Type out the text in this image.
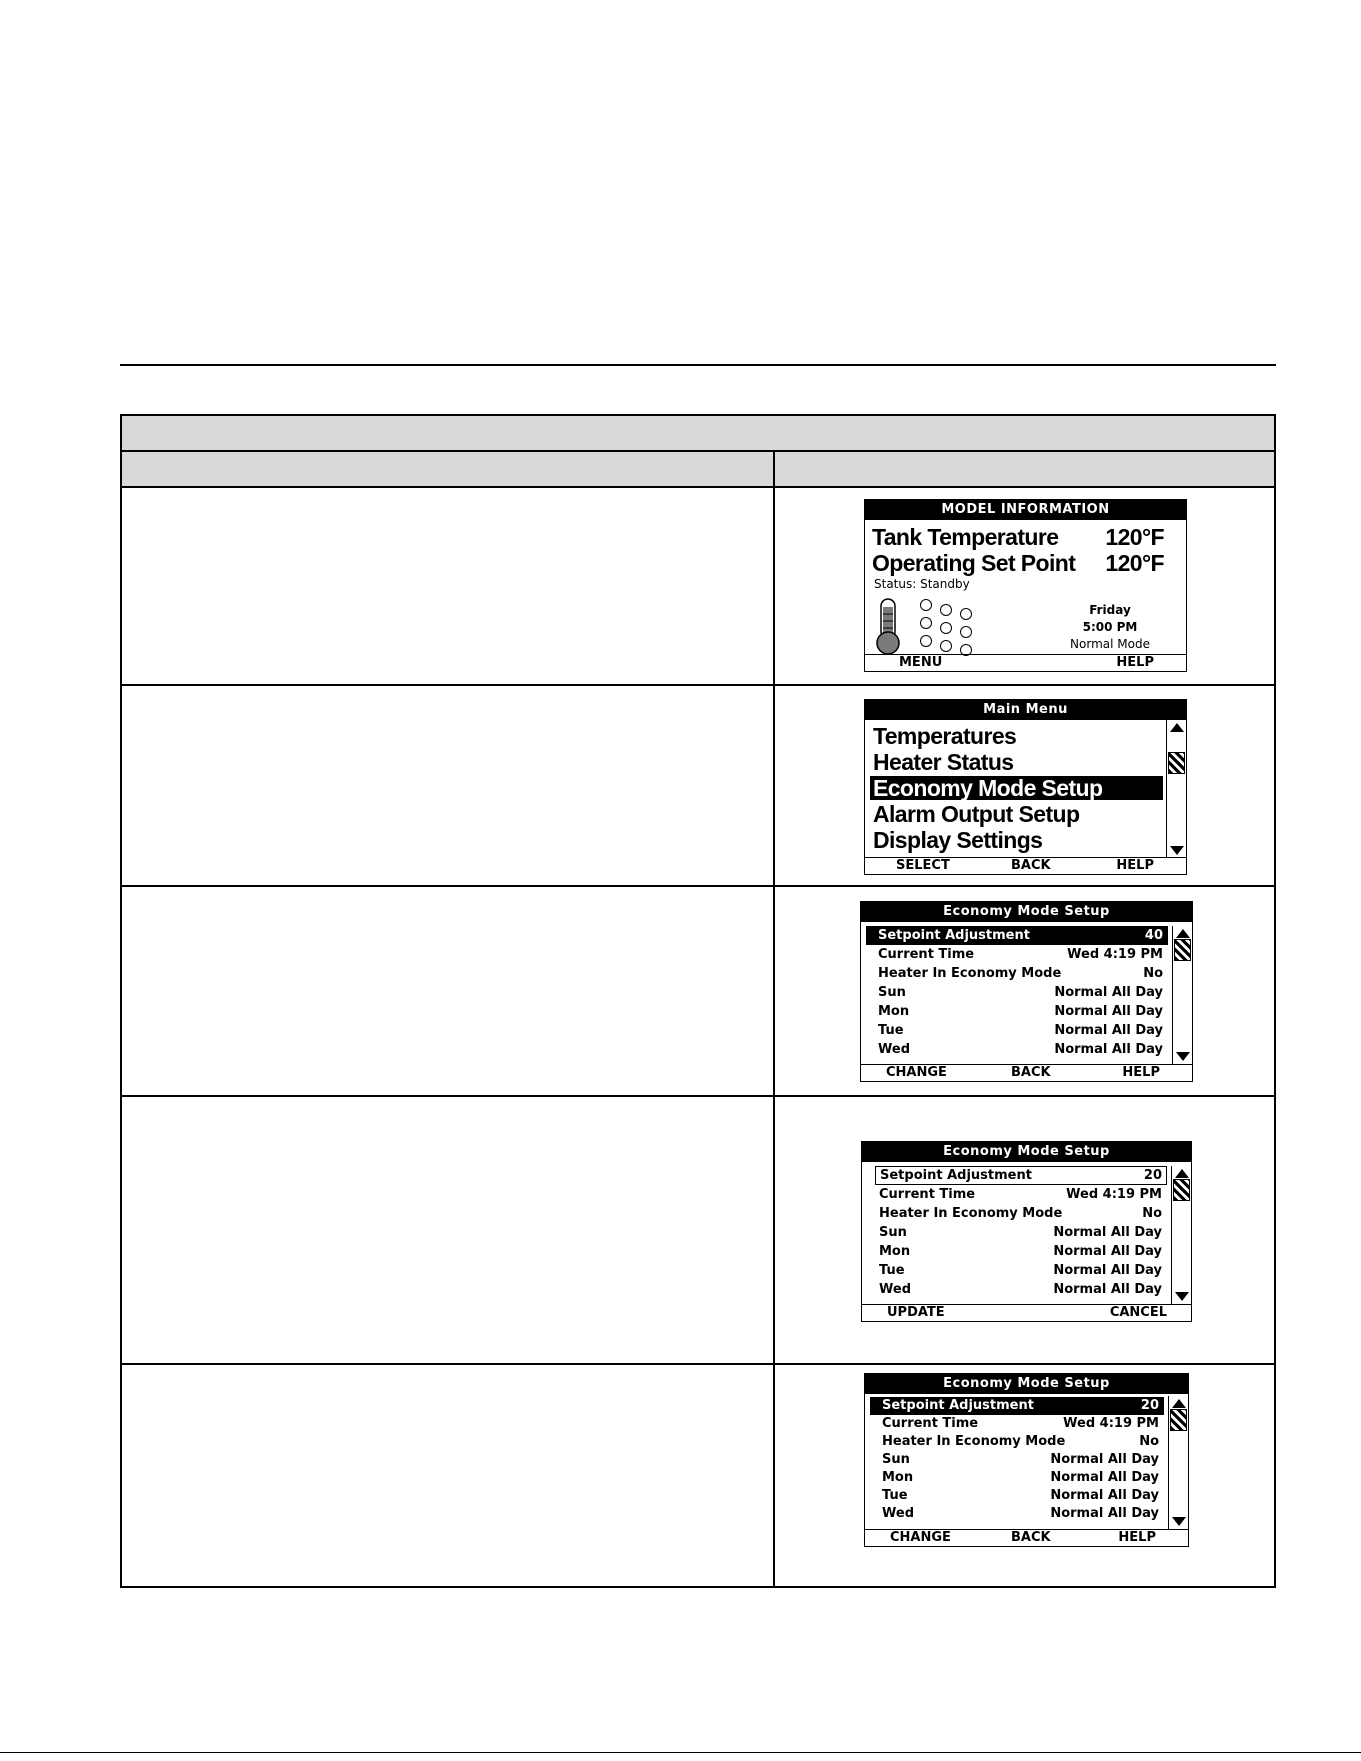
MODEL INFORMATION
Tank Temperature 120°F
Operating Set Point 120°F
Status: Standby
Friday
5:00 PM
Normal Mode
MENU	HELP
Main Menu
Temperatures
Heater Status
Economy Mode Setup
Alarm Output Setup
Display Settings
SELECT	BACK	HELP
Economy Mode Setup
Setpoint Adjustment	40
Current Time	Wed 4:19 PM
Heater In Economy Mode	No
Sun	Normal All Day
Mon	Normal All Day
Tue	Normal All Day
Wed	Normal All Day
CHANGE	BACK	HELP
Economy Mode Setup
Setpoint Adjustment	20
Current Time	Wed 4:19 PM
Heater In Economy Mode	No
Sun	Normal All Day
Mon	Normal All Day
Tue	Normal All Day
Wed	Normal All Day
UPDATE	CANCEL
Economy Mode Setup
Setpoint Adjustment	20
Current Time	Wed 4:19 PM
Heater In Economy Mode	No
Sun	Normal All Day
Mon	Normal All Day
Tue	Normal All Day
Wed	Normal All Day
CHANGE	BACK	HELP
